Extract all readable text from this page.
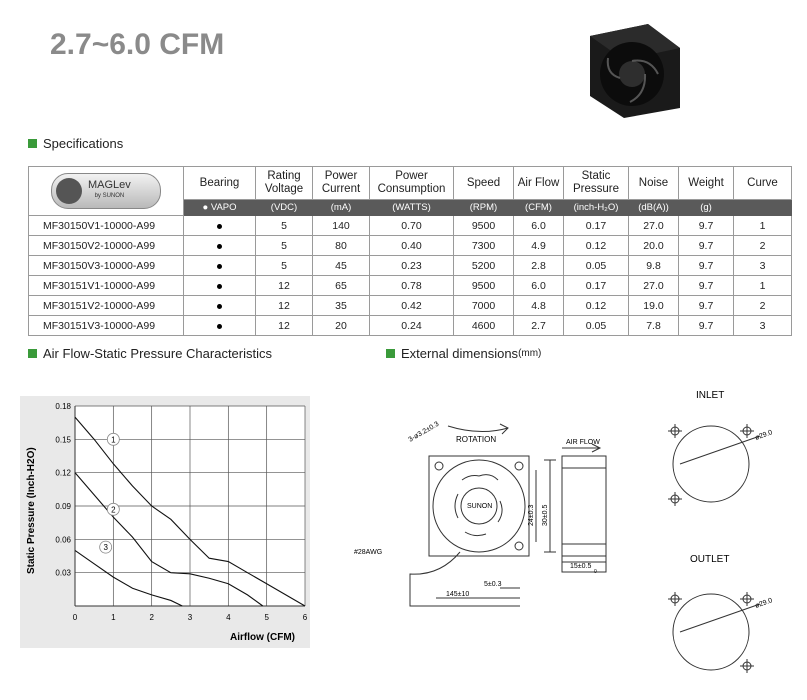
2.7~6.0 CFM
Specifications
MAGLev
by SUNON	Bearing	Rating Voltage	Power Current	Power Consumption	Speed	Air Flow	Static Pressure	Noise	Weight	Curve
	● VAPO	(VDC)	(mA)	(WATTS)	(RPM)	(CFM)	(inch-H₂O)	(dB(A))	(g)	
MF30150V1-10000-A99		5	140	0.70	9500	6.0	0.17	27.0	9.7	1
MF30150V2-10000-A99		5	80	0.40	7300	4.9	0.12	20.0	9.7	2
MF30150V3-10000-A99		5	45	0.23	5200	2.8	0.05	9.8	9.7	3
MF30151V1-10000-A99		12	65	0.78	9500	6.0	0.17	27.0	9.7	1
MF30151V2-10000-A99		12	35	0.42	7000	4.8	0.12	19.0	9.7	2
MF30151V3-10000-A99		12	20	0.24	4600	2.7	0.05	7.8	9.7	3
Air Flow-Static Pressure Characteristics	External dimensions (mm)
0	1	2	3	4	5	6
0.03
0.06
0.09
0.12
0.15
0.18
1
2
3
Airflow (CFM)
Static Pressure (Inch-H2O)
3-ø3.2±0.3 ROTATION
SUNON	24±0.3 30±0.5
#28AWG
5±0.3
145±10
AIR FLOW
15±0.5
0
INLET
ø29.0
OUTLET
ø29.0
